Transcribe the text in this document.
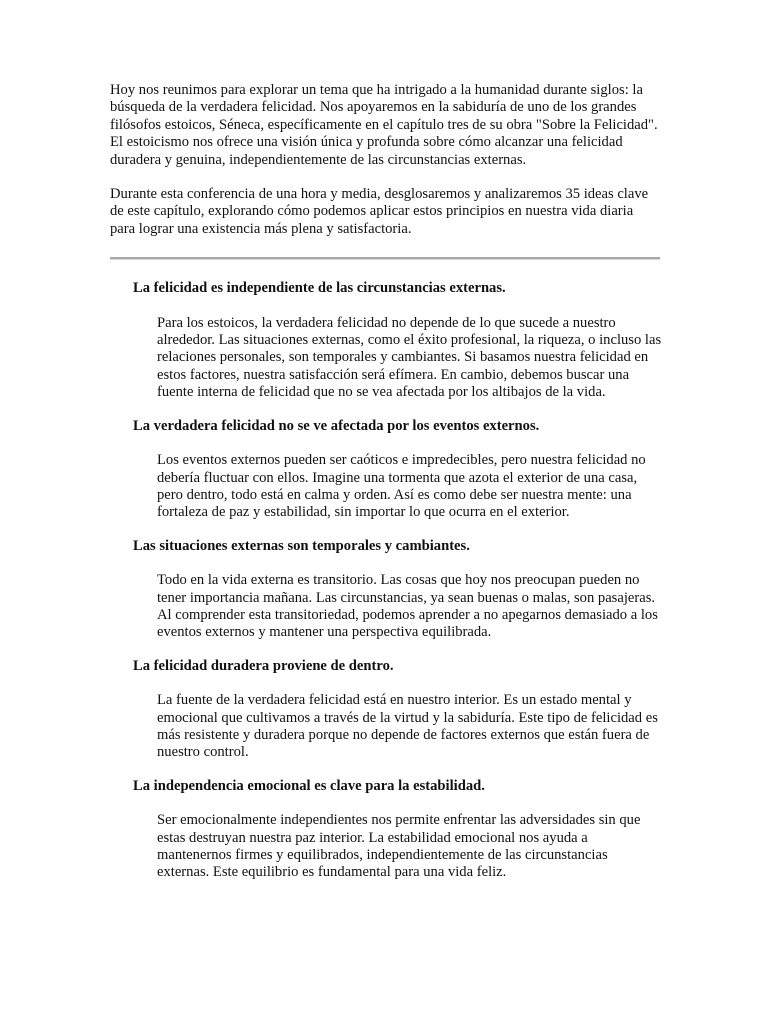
Hoy nos reunimos para explorar un tema que ha intrigado a la humanidad durante siglos: la búsqueda de la verdadera felicidad. Nos apoyaremos en la sabiduría de uno de los grandes filósofos estoicos, Séneca, específicamente en el capítulo tres de su obra "Sobre la Felicidad". El estoicismo nos ofrece una visión única y profunda sobre cómo alcanzar una felicidad duradera y genuina, independientemente de las circunstancias externas.

Durante esta conferencia de una hora y media, desglosaremos y analizaremos 35 ideas clave de este capítulo, explorando cómo podemos aplicar estos principios en nuestra vida diaria para lograr una existencia más plena y satisfactoria.

La felicidad es independiente de las circunstancias externas.

Para los estoicos, la verdadera felicidad no depende de lo que sucede a nuestro alrededor. Las situaciones externas, como el éxito profesional, la riqueza, o incluso las relaciones personales, son temporales y cambiantes. Si basamos nuestra felicidad en estos factores, nuestra satisfacción será efímera. En cambio, debemos buscar una fuente interna de felicidad que no se vea afectada por los altibajos de la vida.

La verdadera felicidad no se ve afectada por los eventos externos.

Los eventos externos pueden ser caóticos e impredecibles, pero nuestra felicidad no debería fluctuar con ellos. Imagine una tormenta que azota el exterior de una casa, pero dentro, todo está en calma y orden. Así es como debe ser nuestra mente: una fortaleza de paz y estabilidad, sin importar lo que ocurra en el exterior.

Las situaciones externas son temporales y cambiantes.

Todo en la vida externa es transitorio. Las cosas que hoy nos preocupan pueden no tener importancia mañana. Las circunstancias, ya sean buenas o malas, son pasajeras. Al comprender esta transitoriedad, podemos aprender a no apegarnos demasiado a los eventos externos y mantener una perspectiva equilibrada.

La felicidad duradera proviene de dentro.

La fuente de la verdadera felicidad está en nuestro interior. Es un estado mental y emocional que cultivamos a través de la virtud y la sabiduría. Este tipo de felicidad es más resistente y duradera porque no depende de factores externos que están fuera de nuestro control.

La independencia emocional es clave para la estabilidad.

Ser emocionalmente independientes nos permite enfrentar las adversidades sin que estas destruyan nuestra paz interior. La estabilidad emocional nos ayuda a mantenernos firmes y equilibrados, independientemente de las circunstancias externas. Este equilibrio es fundamental para una vida feliz.
